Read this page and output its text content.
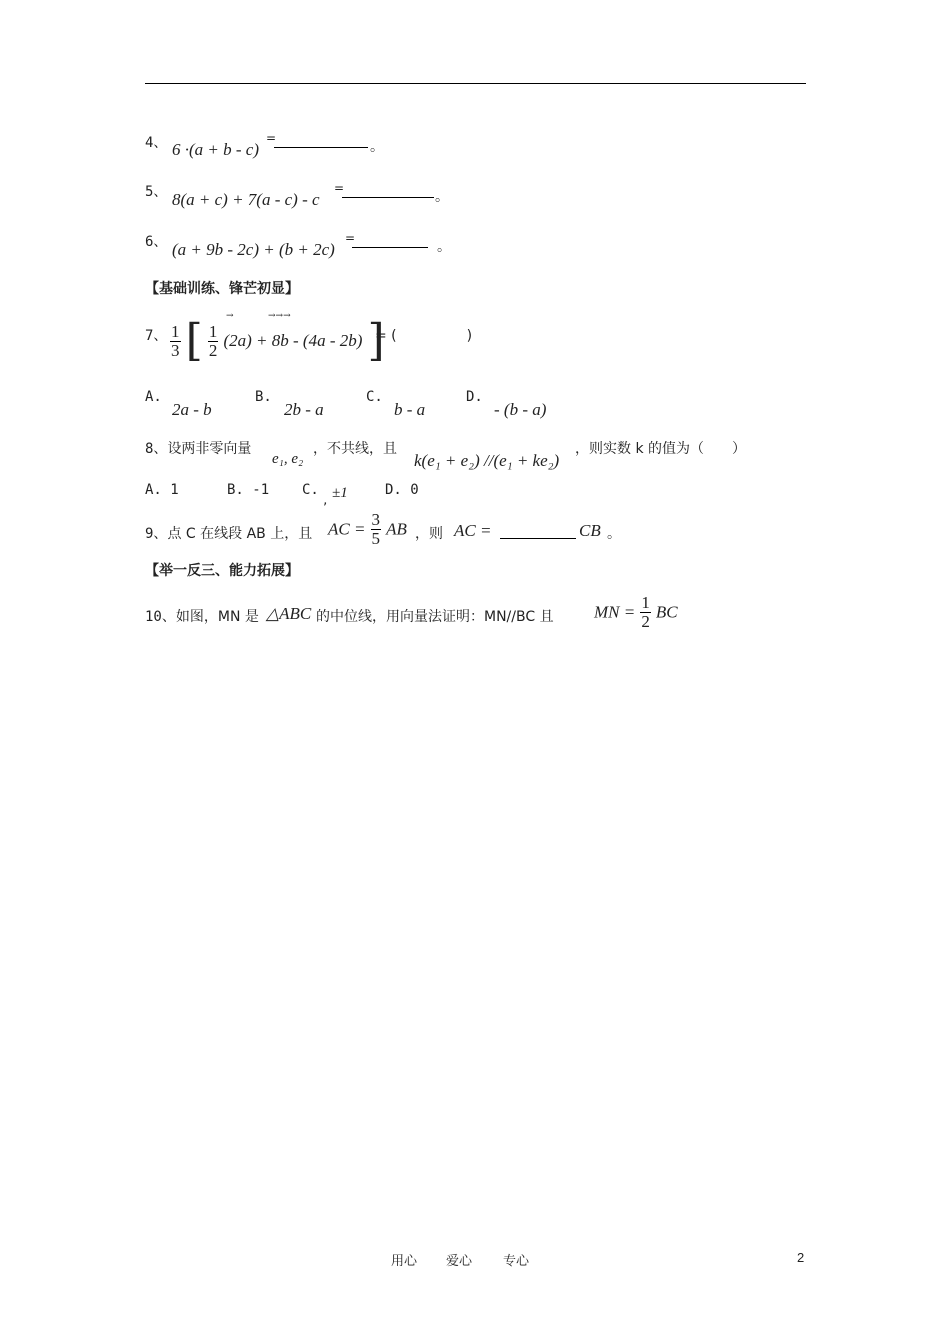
4、 6 ·(a + b - c)
=
。
5、 8(a + c) + 7(a - c) - c
=
。
6、 (a + 9b - 2c) + (b + 2c)
=
。
【基础训练、锋芒初显】
7、 $\frac{1}{3}$ [ $\frac{1}{2} (2a) + 8b - (4a - 2b)$ ]
→	→→→
= (　　　　　)
A.
2a - b
B.
2b - a
C.
b - a
D.
- (b - a)
8、设两非零向量
e₁, e₂
，不共线，且
k(e₁ + e₂) //(e₁ + ke₂)
，则实数 k 的值为（　　）
A. 1	B. -1 C. ±1
,
D. 0
9、点 C 在线段 AB 上，且 AC = $\frac{3}{5}$ AB ，则 AC =	CB 。
【举一反三、能力拓展】
10、如图，MN 是 △ABC 的中位线，用向量法证明：MN//BC 且 MN = $\frac{1}{2}$ BC
用心 爱心 专心	2
